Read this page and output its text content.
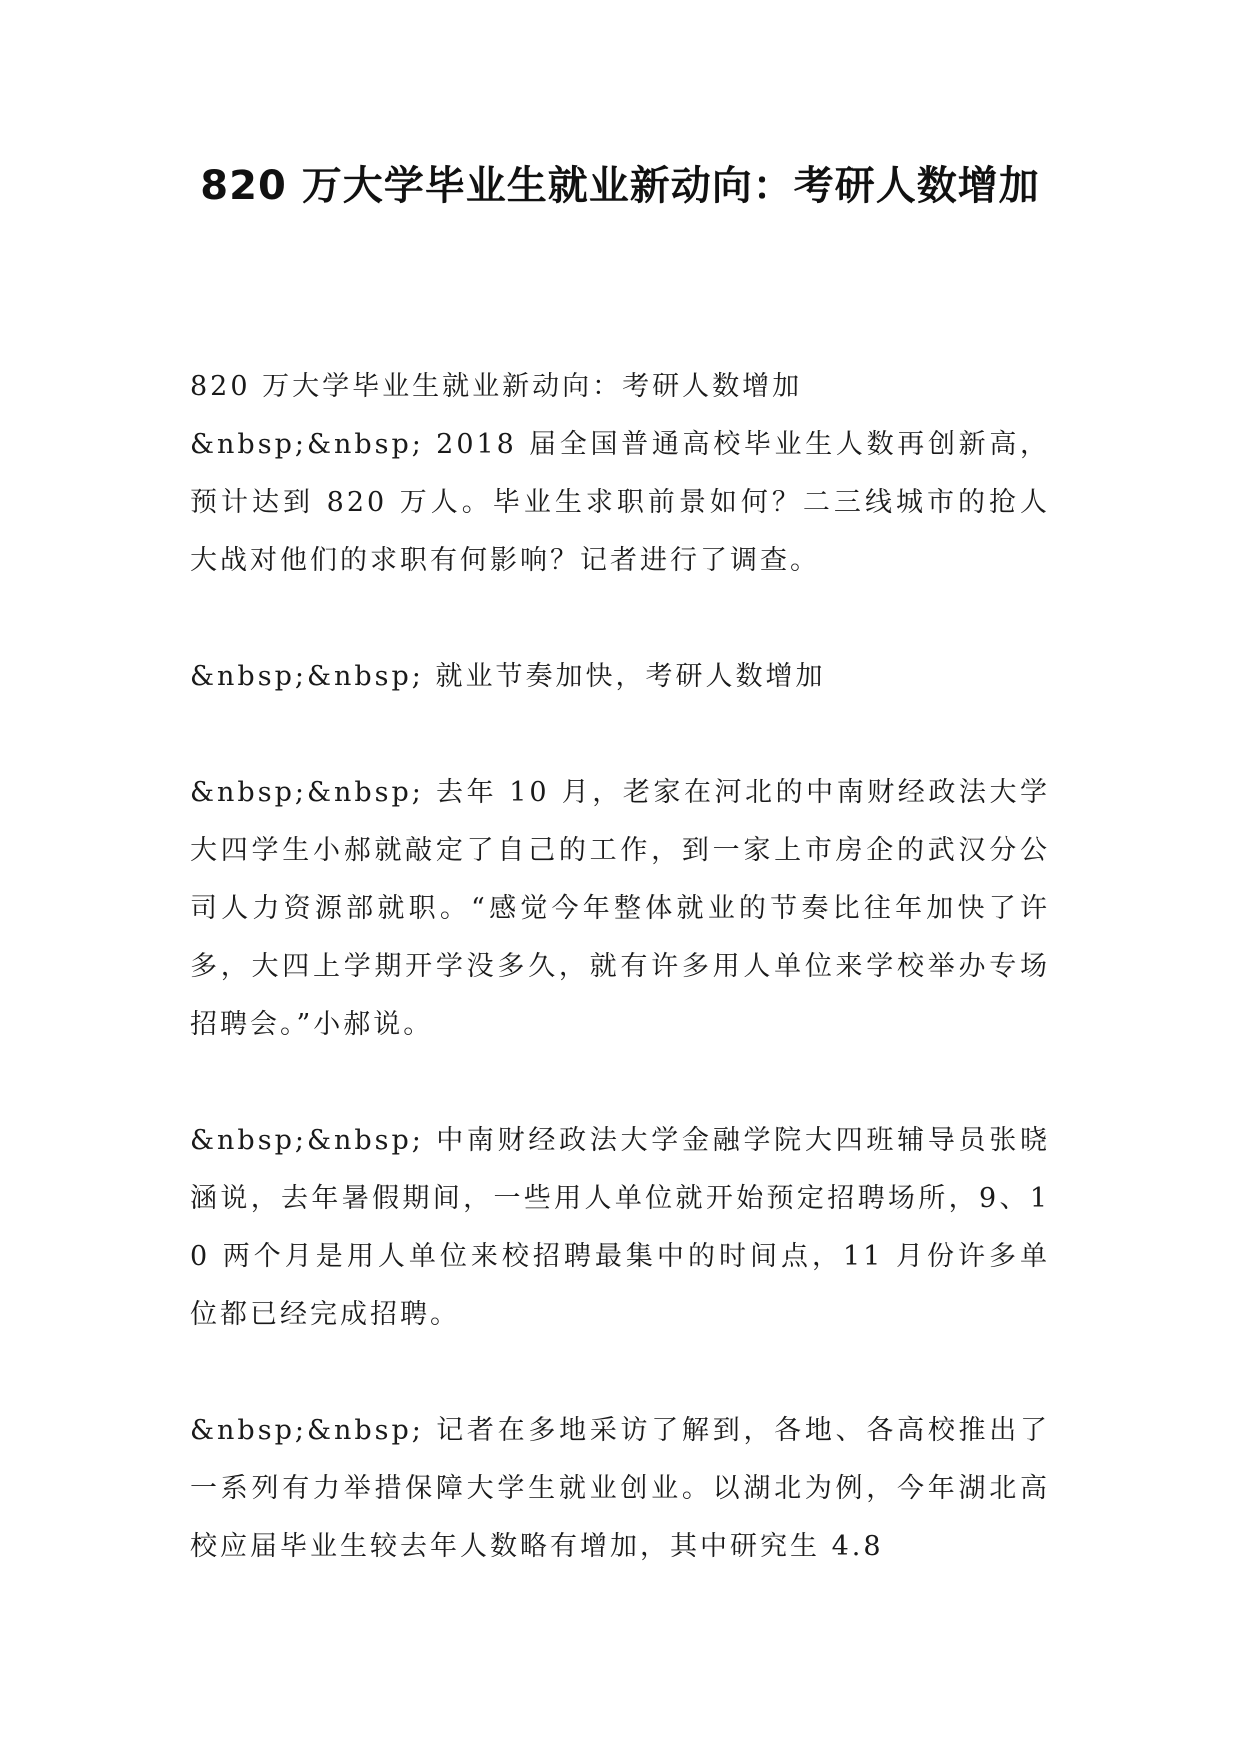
820 万大学毕业生就业新动向：考研人数增加

820 万大学毕业生就业新动向：考研人数增加

&nbsp;&nbsp; 2018 届全国普通高校毕业生人数再创新高，预计达到 820 万人。毕业生求职前景如何？二三线城市的抢人大战对他们的求职有何影响？记者进行了调查。

&nbsp;&nbsp; 就业节奏加快，考研人数增加

&nbsp;&nbsp; 去年 10 月，老家在河北的中南财经政法大学大四学生小郝就敲定了自己的工作，到一家上市房企的武汉分公司人力资源部就职。“感觉今年整体就业的节奏比往年加快了许多，大四上学期开学没多久，就有许多用人单位来学校举办专场招聘会。”小郝说。

&nbsp;&nbsp; 中南财经政法大学金融学院大四班辅导员张晓涵说，去年暑假期间，一些用人单位就开始预定招聘场所，9、10 两个月是用人单位来校招聘最集中的时间点，11 月份许多单位都已经完成招聘。

&nbsp;&nbsp; 记者在多地采访了解到，各地、各高校推出了一系列有力举措保障大学生就业创业。以湖北为例，今年湖北高校应届毕业生较去年人数略有增加，其中研究生 4.8
